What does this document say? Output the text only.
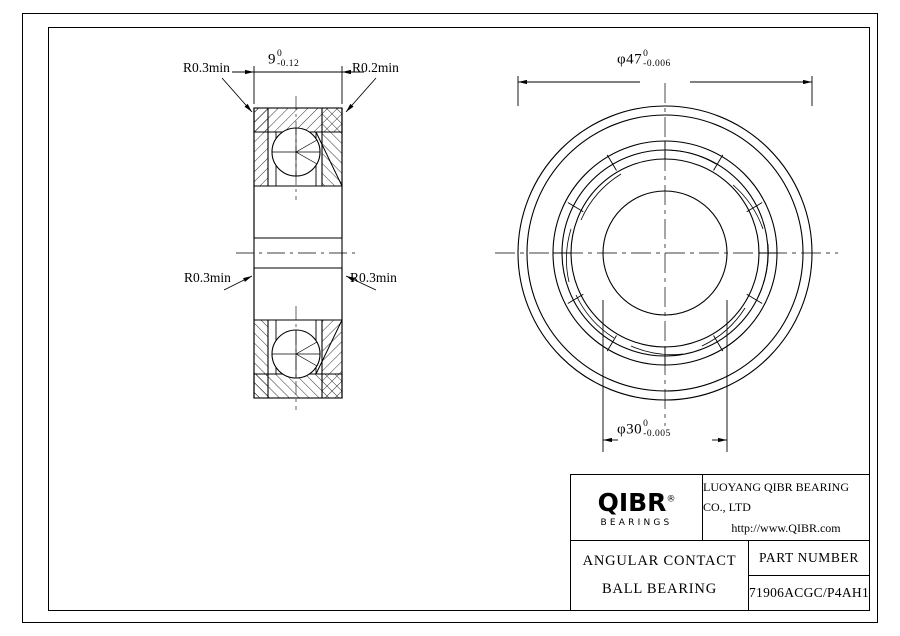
9 0
-0.12	φ47 0
-0.006
φ30 0
-0.005
R0.3min	R0.2min
R0.3min	R0.3min
QIBR®
BEARINGS
LUOYANG QIBR BEARING CO., LTD
http://www.QIBR.com
ANGULAR CONTACT
BALL BEARING
PART NUMBER
71906ACGC/P4AH1
